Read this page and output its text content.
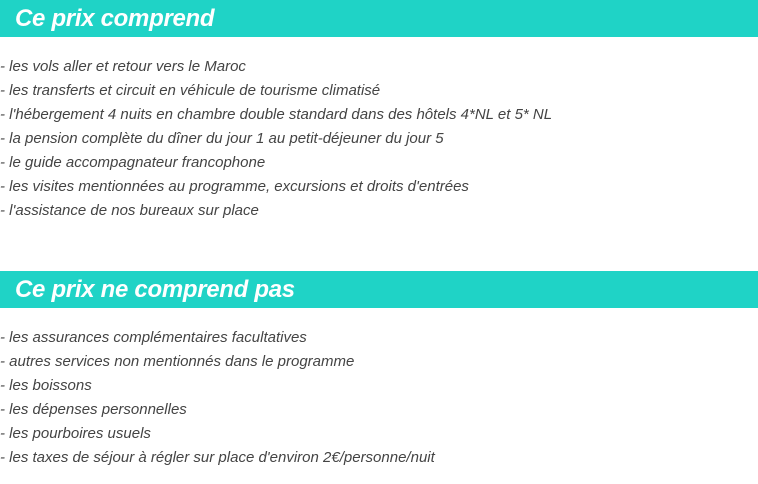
Ce prix comprend
- les vols aller et retour vers le Maroc
- les transferts et circuit en véhicule de tourisme climatisé
- l'hébergement 4 nuits en chambre double standard dans des hôtels 4*NL et 5* NL
- la pension complète du dîner du jour 1 au petit-déjeuner du jour 5
- le guide accompagnateur francophone
- les visites mentionnées au programme, excursions et droits d'entrées
- l'assistance de nos bureaux sur place
Ce prix ne comprend pas
- les assurances complémentaires facultatives
- autres services non mentionnés dans le programme
- les boissons
- les dépenses personnelles
- les pourboires usuels
- les taxes de séjour à régler sur place d'environ 2€/personne/nuit
